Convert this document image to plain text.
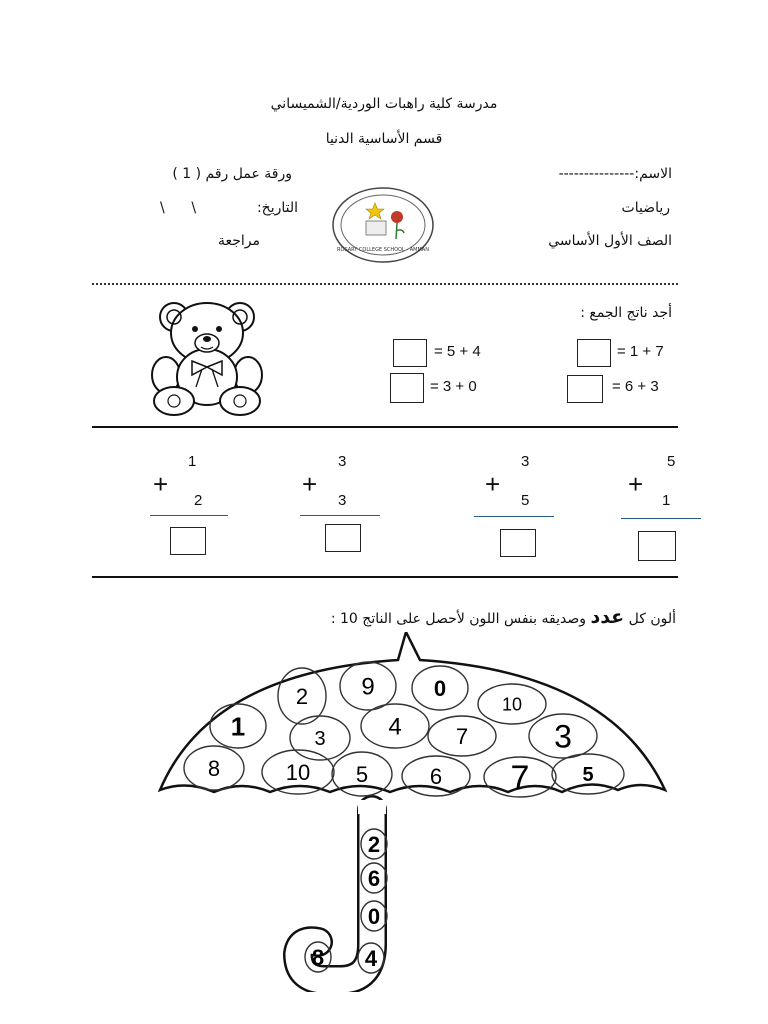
مدرسة كلية راهبات الوردية/الشميساني
قسم الأساسية الدنيا
الاسم:---------------
ورقة عمل رقم ( 1 )
رياضيات
التاريخ:
\      \
الصف الأول الأساسي
مراجعة
ROSARY COLLEGE SCHOOL - AMMAN
أجد ناتج الجمع :
= 5 + 4	= 1 + 7
= 3 + 0	= 6 + 3
1
+
2
3
+
3
3
+
5
5
+
1
ألون كل عدد وصديقه بنفس اللون لأحصل على الناتج 10 :
2 9	0
10
1	3	4 7	3
8	10 5	6 7	5
2
6
0
8 4
